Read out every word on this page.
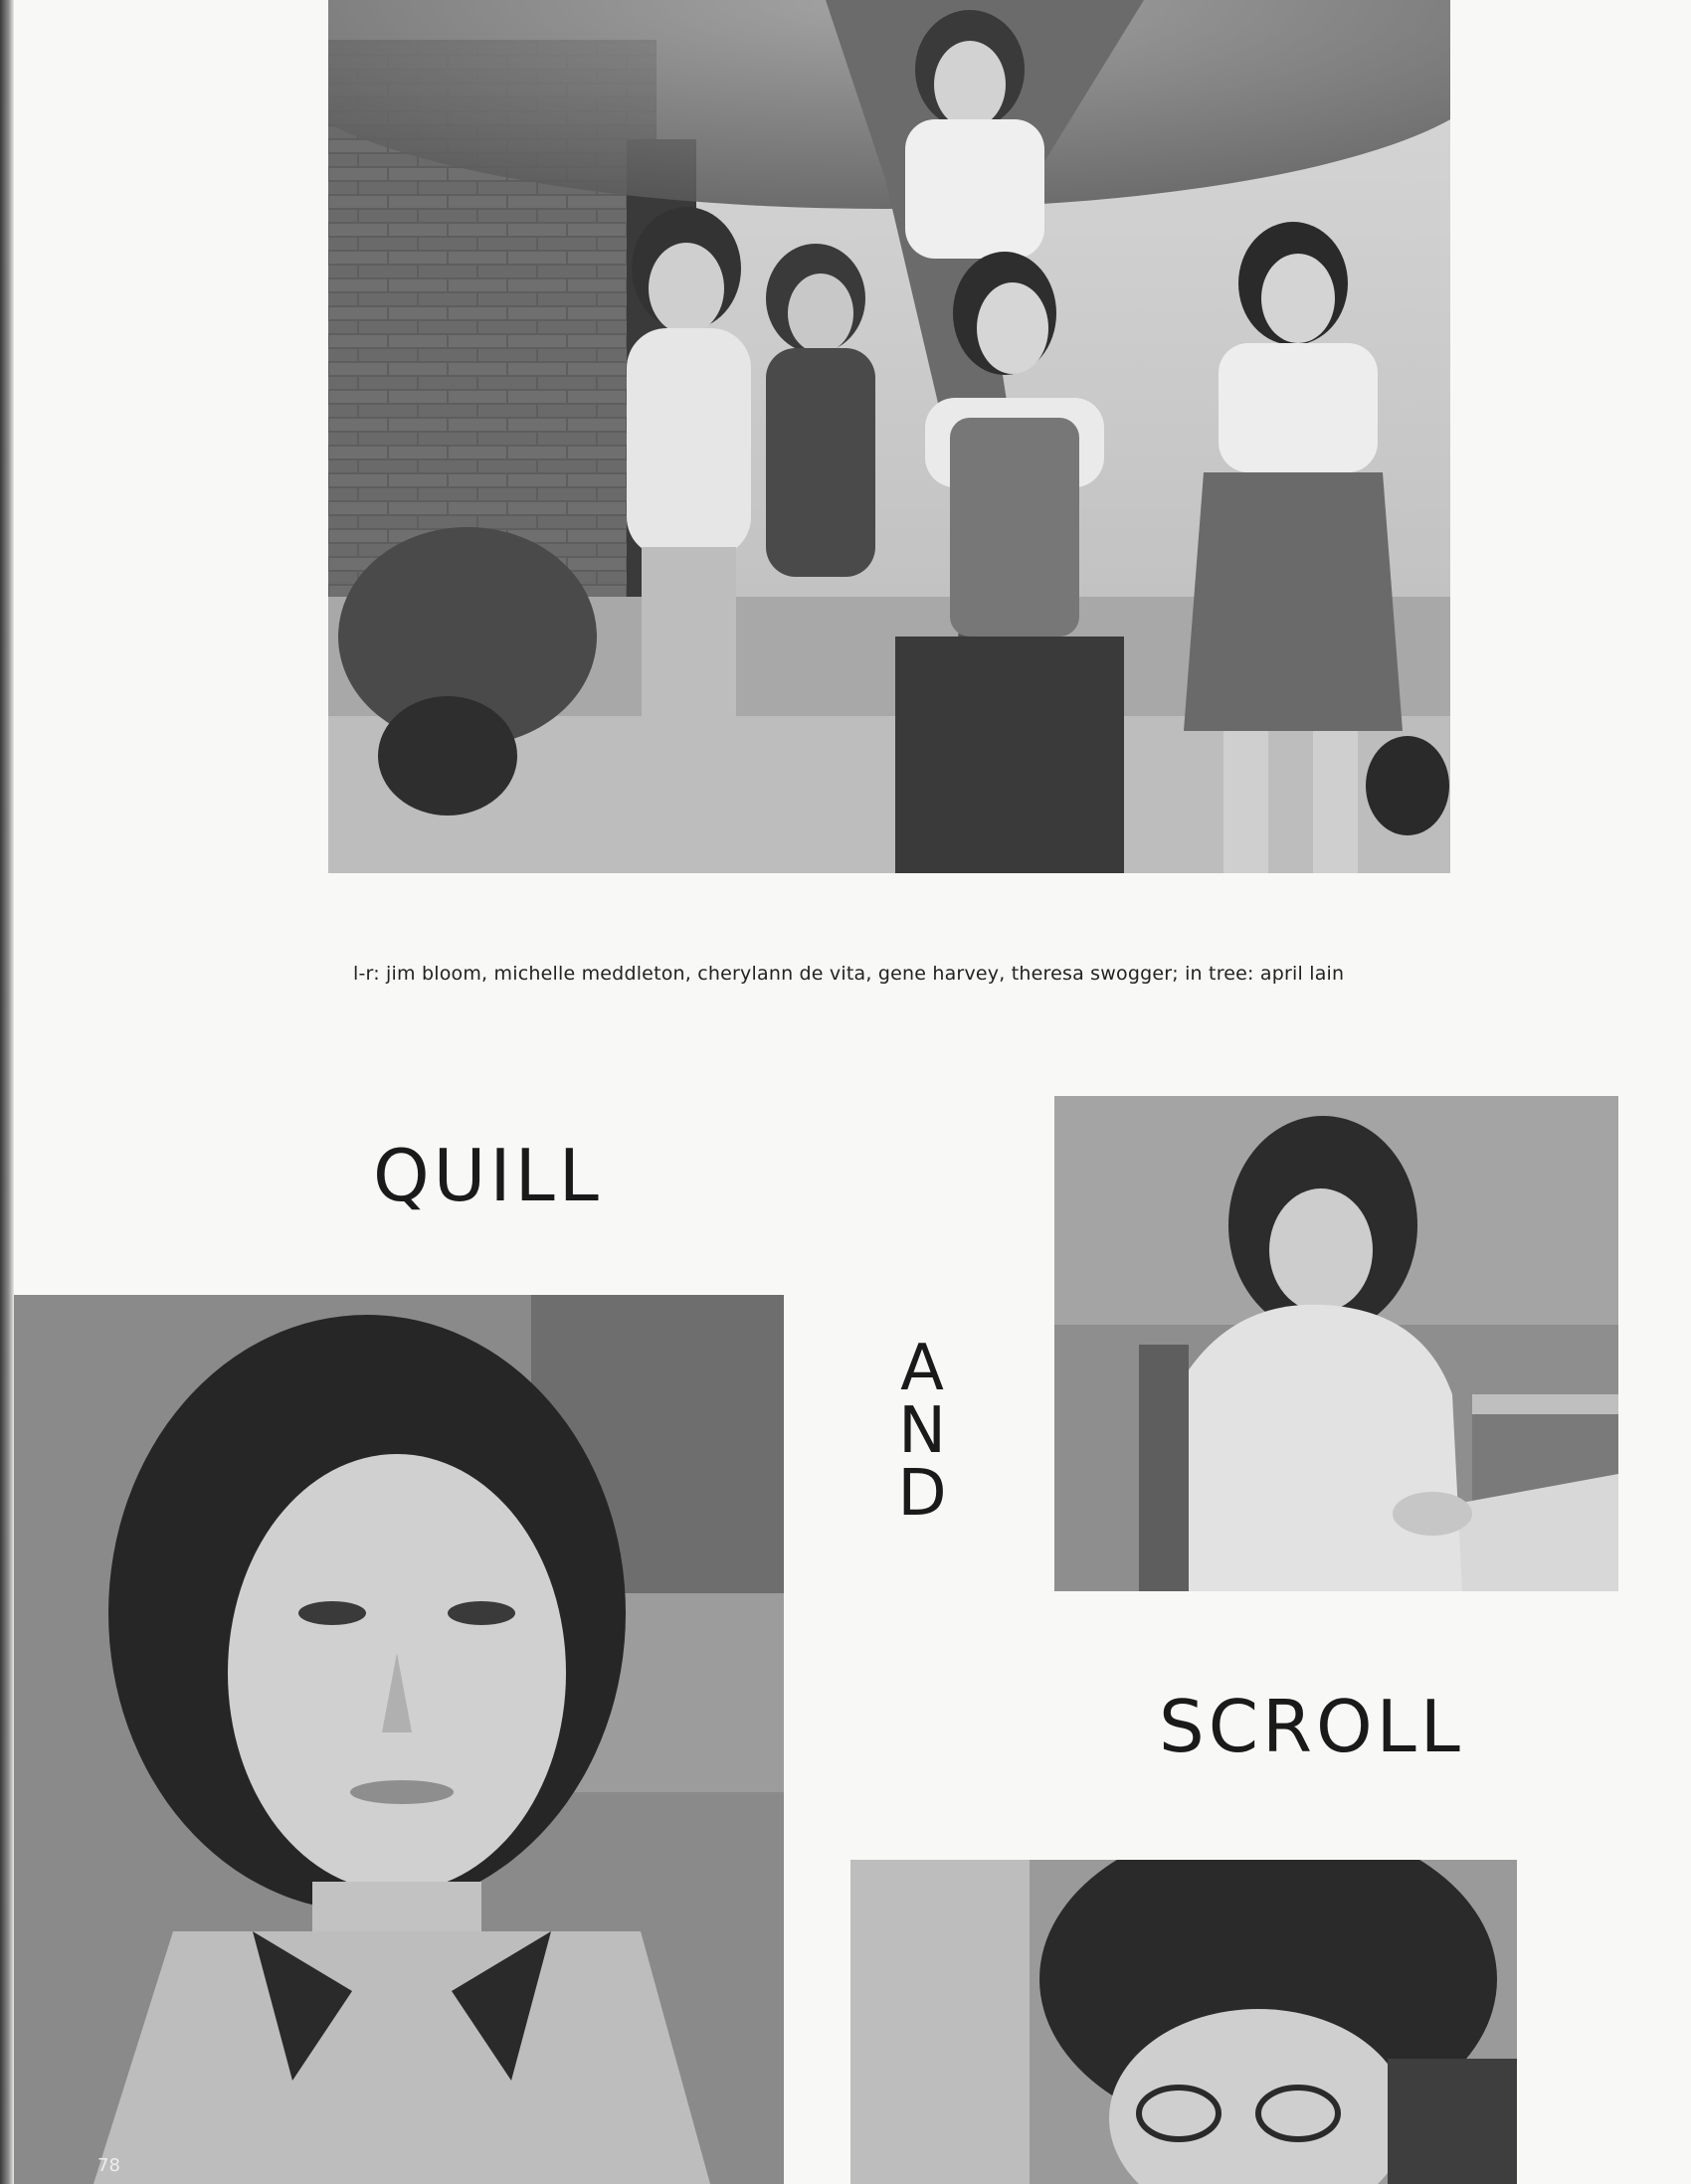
l-r: jim bloom, michelle meddleton, cherylann de vita, gene harvey, theresa swogger; in tree: april lain
QUILL
A
N
D
SCROLL
78
